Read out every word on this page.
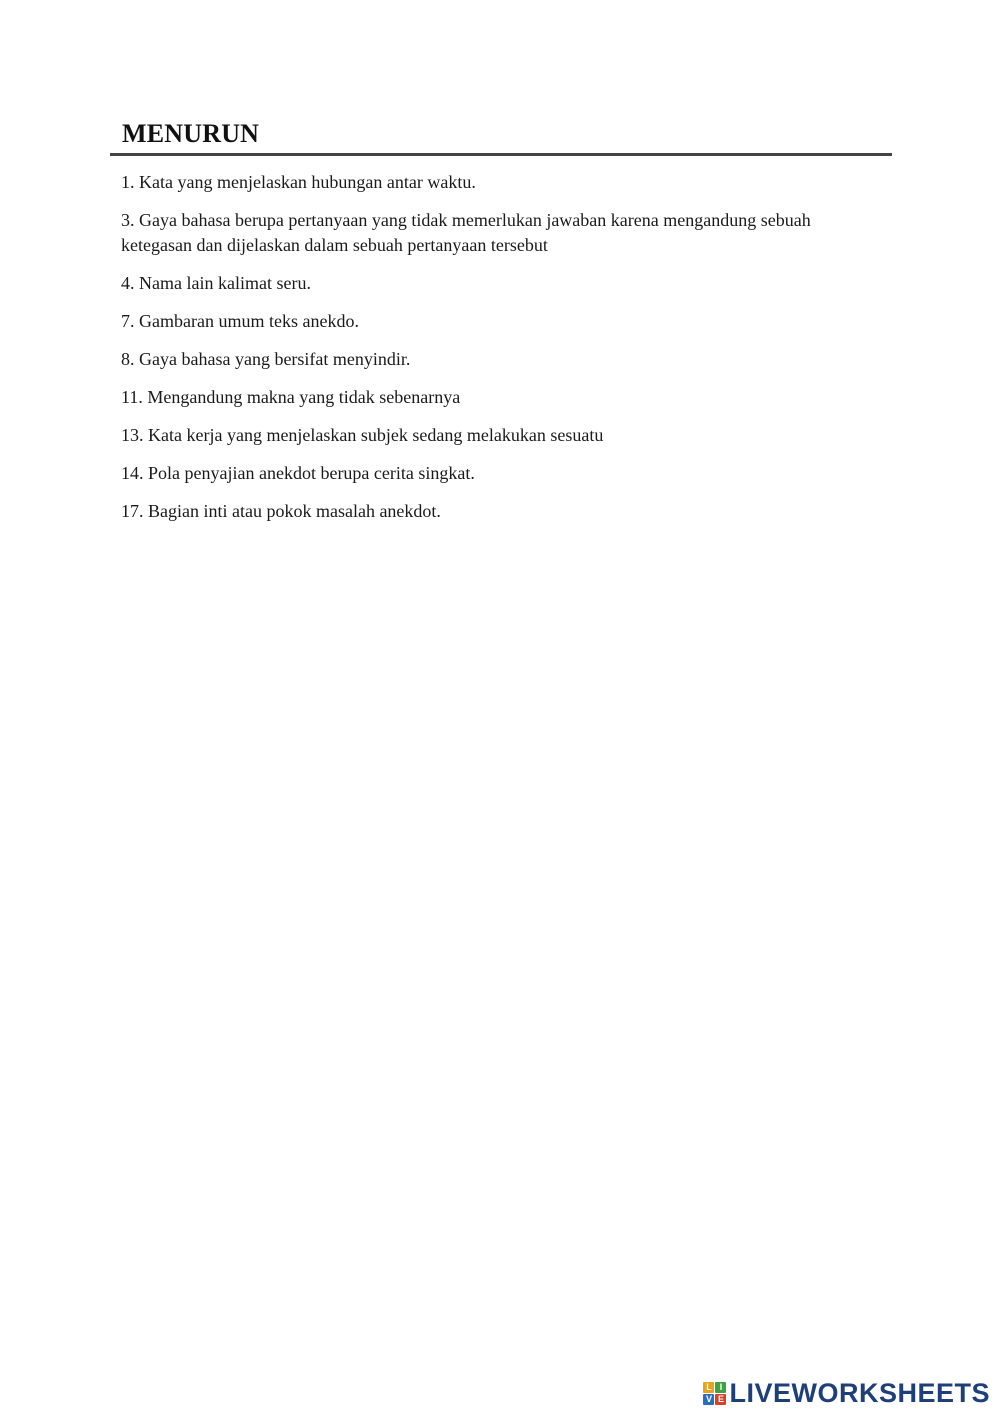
MENURUN
1. Kata yang menjelaskan hubungan antar waktu.
3. Gaya bahasa berupa pertanyaan yang tidak memerlukan jawaban karena mengandung sebuah ketegasan dan dijelaskan dalam sebuah pertanyaan tersebut
4. Nama lain kalimat seru.
7. Gambaran umum teks anekdo.
8. Gaya bahasa yang bersifat menyindir.
11. Mengandung makna yang tidak sebenarnya
13. Kata kerja yang menjelaskan subjek sedang melakukan sesuatu
14. Pola penyajian anekdot berupa cerita singkat.
17. Bagian inti atau pokok masalah anekdot.
L I
V E LIVEWORKSHEETS
